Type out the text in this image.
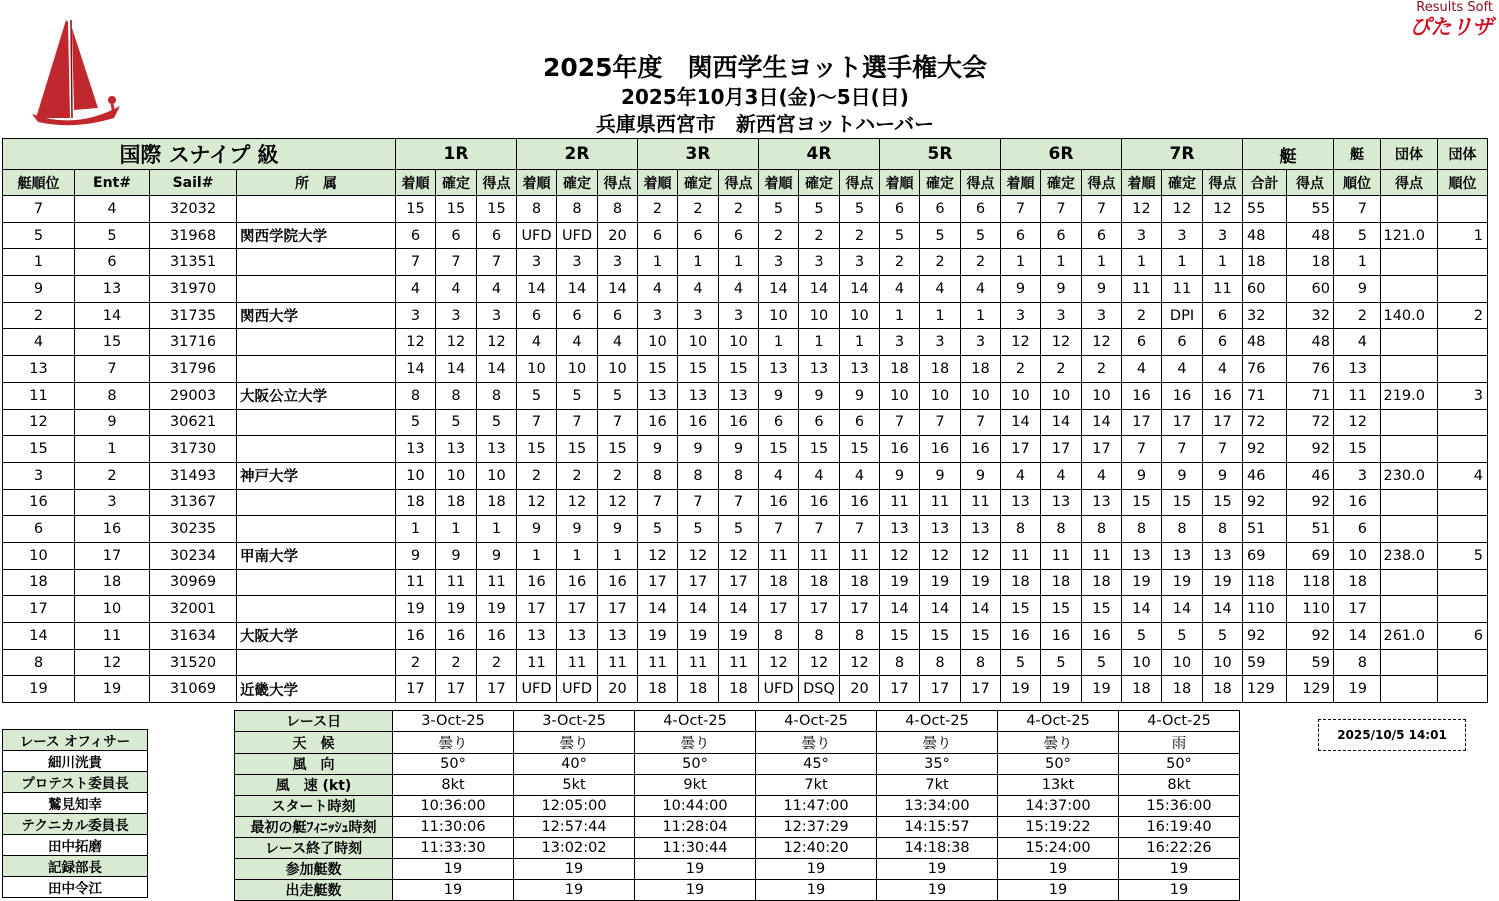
Results Soft
ぴたリザ
2025年度　関西学生ヨット選手権大会
2025年10月3日(金)～5日(日)
兵庫県西宮市　新西宮ヨットハーバー
国際 スナイプ 級				1R			2R			3R			4R			5R			6R			7R			艇		艇	団体	団体
艇順位	Ent#	Sail#	所　属	着順	確定	得点	着順	確定	得点	着順	確定	得点	着順	確定	得点	着順	確定	得点	着順	確定	得点	着順	確定	得点	合計	得点	順位	得点	順位
7	4	32032		15	15	15	8	8	8	2	2	2	5	5	5	6	6	6	7	7	7	12	12	12	55	55	7		
5	5	31968	関西学院大学	6	6	6	UFD	UFD	20	6	6	6	2	2	2	5	5	5	6	6	6	3	3	3	48	48	5	121.0	1
1	6	31351		7	7	7	3	3	3	1	1	1	3	3	3	2	2	2	1	1	1	1	1	1	18	18	1		
9	13	31970		4	4	4	14	14	14	4	4	4	14	14	14	4	4	4	9	9	9	11	11	11	60	60	9		
2	14	31735	関西大学	3	3	3	6	6	6	3	3	3	10	10	10	1	1	1	3	3	3	2	DPI	6	32	32	2	140.0	2
4	15	31716		12	12	12	4	4	4	10	10	10	1	1	1	3	3	3	12	12	12	6	6	6	48	48	4		
13	7	31796		14	14	14	10	10	10	15	15	15	13	13	13	18	18	18	2	2	2	4	4	4	76	76	13		
11	8	29003	大阪公立大学	8	8	8	5	5	5	13	13	13	9	9	9	10	10	10	10	10	10	16	16	16	71	71	11	219.0	3
12	9	30621		5	5	5	7	7	7	16	16	16	6	6	6	7	7	7	14	14	14	17	17	17	72	72	12		
15	1	31730		13	13	13	15	15	15	9	9	9	15	15	15	16	16	16	17	17	17	7	7	7	92	92	15		
3	2	31493	神戸大学	10	10	10	2	2	2	8	8	8	4	4	4	9	9	9	4	4	4	9	9	9	46	46	3	230.0	4
16	3	31367		18	18	18	12	12	12	7	7	7	16	16	16	11	11	11	13	13	13	15	15	15	92	92	16		
6	16	30235		1	1	1	9	9	9	5	5	5	7	7	7	13	13	13	8	8	8	8	8	8	51	51	6		
10	17	30234	甲南大学	9	9	9	1	1	1	12	12	12	11	11	11	12	12	12	11	11	11	13	13	13	69	69	10	238.0	5
18	18	30969		11	11	11	16	16	16	17	17	17	18	18	18	19	19	19	18	18	18	19	19	19	118	118	18		
17	10	32001		19	19	19	17	17	17	14	14	14	17	17	17	14	14	14	15	15	15	14	14	14	110	110	17		
14	11	31634	大阪大学	16	16	16	13	13	13	19	19	19	8	8	8	15	15	15	16	16	16	5	5	5	92	92	14	261.0	6
8	12	31520		2	2	2	11	11	11	11	11	11	12	12	12	8	8	8	5	5	5	10	10	10	59	59	8		
19	19	31069	近畿大学	17	17	17	UFD	UFD	20	18	18	18	UFD	DSQ	20	17	17	17	19	19	19	18	18	18	129	129	19		
レース オフィサー
細川洸貴
プロテスト委員長
鷲見知幸
テクニカル委員長
田中拓磨
記録部長
田中令江
レース日	3-Oct-25	3-Oct-25	4-Oct-25	4-Oct-25	4-Oct-25	4-Oct-25	4-Oct-25
天　候	曇り	曇り	曇り	曇り	曇り	曇り	雨
風　向	50°	40°	50°	45°	35°	50°	50°
風　速 (kt)	8kt	5kt	9kt	7kt	7kt	13kt	8kt
スタート時刻	10:36:00	12:05:00	10:44:00	11:47:00	13:34:00	14:37:00	15:36:00
最初の艇ﾌｨﾆｯｼｭ時刻	11:30:06	12:57:44	11:28:04	12:37:29	14:15:57	15:19:22	16:19:40
レース終了時刻	11:33:30	13:02:02	11:30:44	12:40:20	14:18:38	15:24:00	16:22:26
参加艇数	19	19	19	19	19	19	19
出走艇数	19	19	19	19	19	19	19
2025/10/5 14:01
